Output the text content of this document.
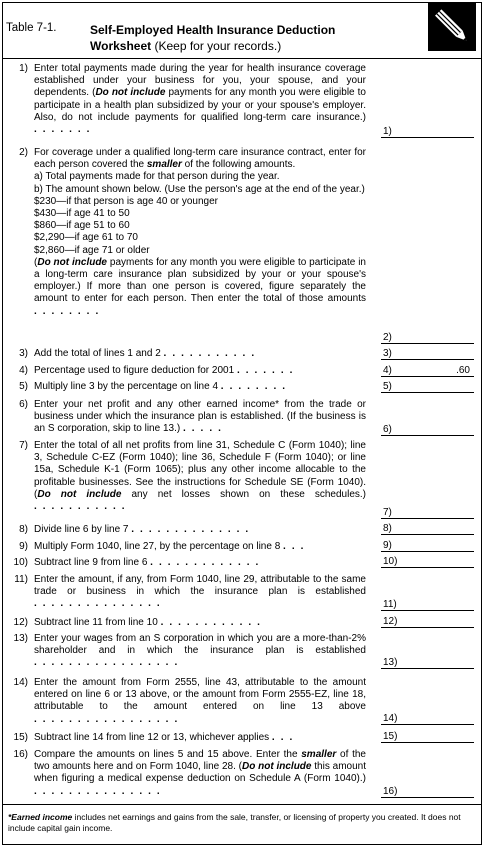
Table 7-1.	Self-Employed Health Insurance Deduction
Worksheet (Keep for your records.)
1) Enter total payments made during the year for health insurance coverage established under your business for you, your spouse, and your dependents. (Do not include payments for any month you were eligible to participate in a health plan subsidized by your or your spouse's employer. Also, do not include payments for qualified long-term care insurance.) .......	1)
2) For coverage under a qualified long-term care insurance contract, enter for each person covered the smaller of the following amounts.

a) Total payments made for that person during the year.

b) The amount shown below. (Use the person's age at the end of the year.)

$230—if that person is age 40 or younger

$430—if age 41 to 50

$860—if age 51 to 60

$2,290—if age 61 to 70

$2,860—if age 71 or older

(Do not include payments for any month you were eligible to participate in a long-term care insurance plan subsidized by your or your spouse's employer.) If more than one person is covered, figure separately the amount to enter for each person. Then enter the total of those amounts ........

2)
3) Add the total of lines 1 and 2 ...........	3)
4) Percentage used to figure deduction for 2001 .......	4)	.60
5) Multiply line 3 by the percentage on line 4 ........	5)
6) Enter your net profit and any other earned income* from the trade or business under which the insurance plan is established. (If the business is an S corporation, skip to line 13.) .....	6)
7) Enter the total of all net profits from line 31, Schedule C (Form 1040); line 3, Schedule C-EZ (Form 1040); line 36, Schedule F (Form 1040); or line 15a, Schedule K-1 (Form 1065); plus any other income allocable to the profitable businesses. See the instructions for Schedule SE (Form 1040). (Do not include any net losses shown on these schedules.) ...........

7)
8) Divide line 6 by line 7 ..............	8)
9) Multiply Form 1040, line 27, by the percentage on line 8 ...	9)
10) Subtract line 9 from line 6 .............	10)
11) Enter the amount, if any, from Form 1040, line 29, attributable to the same trade or business in which the insurance plan is established ...............	11)
12) Subtract line 11 from line 10 ............	12)
13) Enter your wages from an S corporation in which you are a more-than-2% shareholder and in which the insurance plan is established .................	13)
14) Enter the amount from Form 2555, line 43, attributable to the amount entered on line 6 or 13 above, or the amount from Form 2555-EZ, line 18, attributable to the amount entered on line 13 above .................	14)
15) Subtract line 14 from line 12 or 13, whichever applies ...	15)
16) Compare the amounts on lines 5 and 15 above. Enter the smaller of the two amounts here and on Form 1040, line 28. (Do not include this amount when figuring a medical expense deduction on Schedule A (Form 1040).) ...............	16)

*Earned income includes net earnings and gains from the sale, transfer, or licensing of property you created. It does not include capital gain income.
